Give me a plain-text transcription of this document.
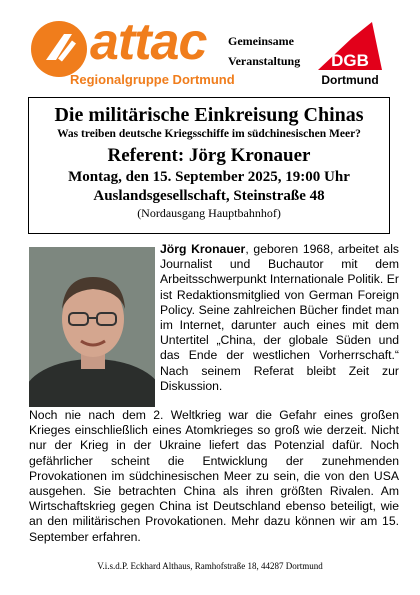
attac
Regionalgruppe Dortmund
Gemeinsame
Veranstaltung DGB
Dortmund
Die militärische Einkreisung Chinas
Was treiben deutsche Kriegsschiffe im südchinesischen Meer?
Referent: Jörg Kronauer
Montag, den 15. September 2025, 19:00 Uhr
Auslandsgesellschaft, Steinstraße 48
(Nordausgang Hauptbahnhof)
Jörg Kronauer, geboren 1968, arbeitet als Journalist und Buchautor mit dem Arbeitsschwerpunkt Internationale Politik. Er ist Redaktionsmitglied von German Foreign Policy. Seine zahlreichen Bücher findet man im Internet, darunter auch eines mit dem Untertitel „China, der globale Süden und das Ende der westlichen Vorherrschaft.“ Nach seinem Referat bleibt Zeit zur Diskussion.
Noch nie nach dem 2. Weltkrieg war die Gefahr eines großen Krieges einschließlich eines Atomkrieges so groß wie derzeit. Nicht nur der Krieg in der Ukraine liefert das Potenzial dafür. Noch gefährlicher scheint die Entwicklung der zunehmenden Provokationen im südchinesischen Meer zu sein, die von den USA ausgehen. Sie betrachten China als ihren größten Rivalen. Am Wirtschaftskrieg gegen China ist Deutschland ebenso beteiligt, wie an den militärischen Provokationen. Mehr dazu können wir am 15. September erfahren.
V.i.s.d.P. Eckhard Althaus, Ramhofstraße 18, 44287 Dortmund
